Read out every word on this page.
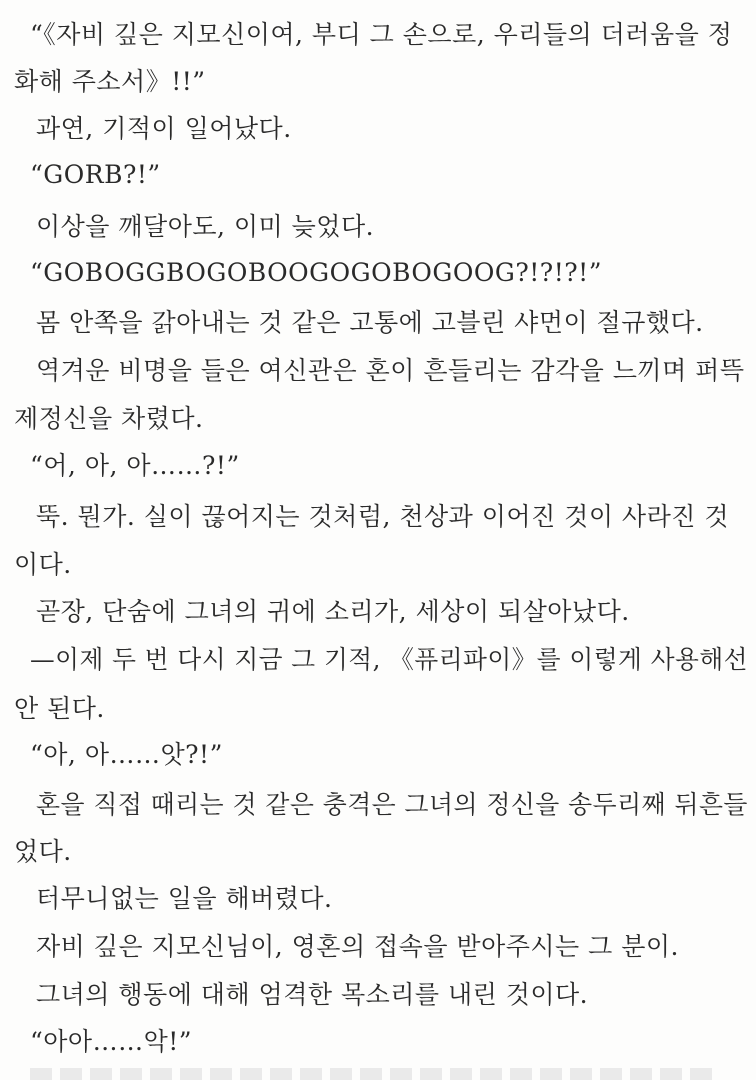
“《자비 깊은 지모신이여, 부디 그 손으로, 우리들의 더러움을 정
화해 주소서》!!”
과연, 기적이 일어났다.
“GORB?!”
이상을 깨달아도, 이미 늦었다.
“GOBOGGBOGOBOOGOGOBOGOOG?!?!?!”
몸 안쪽을 갉아내는 것 같은 고통에 고블린 샤먼이 절규했다.
역겨운 비명을 들은 여신관은 혼이 흔들리는 감각을 느끼며 퍼뜩
제정신을 차렸다.
“어, 아, 아……?!”
뚝. 뭔가. 실이 끊어지는 것처럼, 천상과 이어진 것이 사라진 것
이다.
곧장, 단숨에 그녀의 귀에 소리가, 세상이 되살아났다.
—이제 두 번 다시 지금 그 기적, 《퓨리파이》를 이렇게 사용해선
안 된다.
“아, 아……앗?!”
혼을 직접 때리는 것 같은 충격은 그녀의 정신을 송두리째 뒤흔들
었다.
터무니없는 일을 해버렸다.
자비 깊은 지모신님이, 영혼의 접속을 받아주시는 그 분이.
그녀의 행동에 대해 엄격한 목소리를 내린 것이다.
“아아……악!”
